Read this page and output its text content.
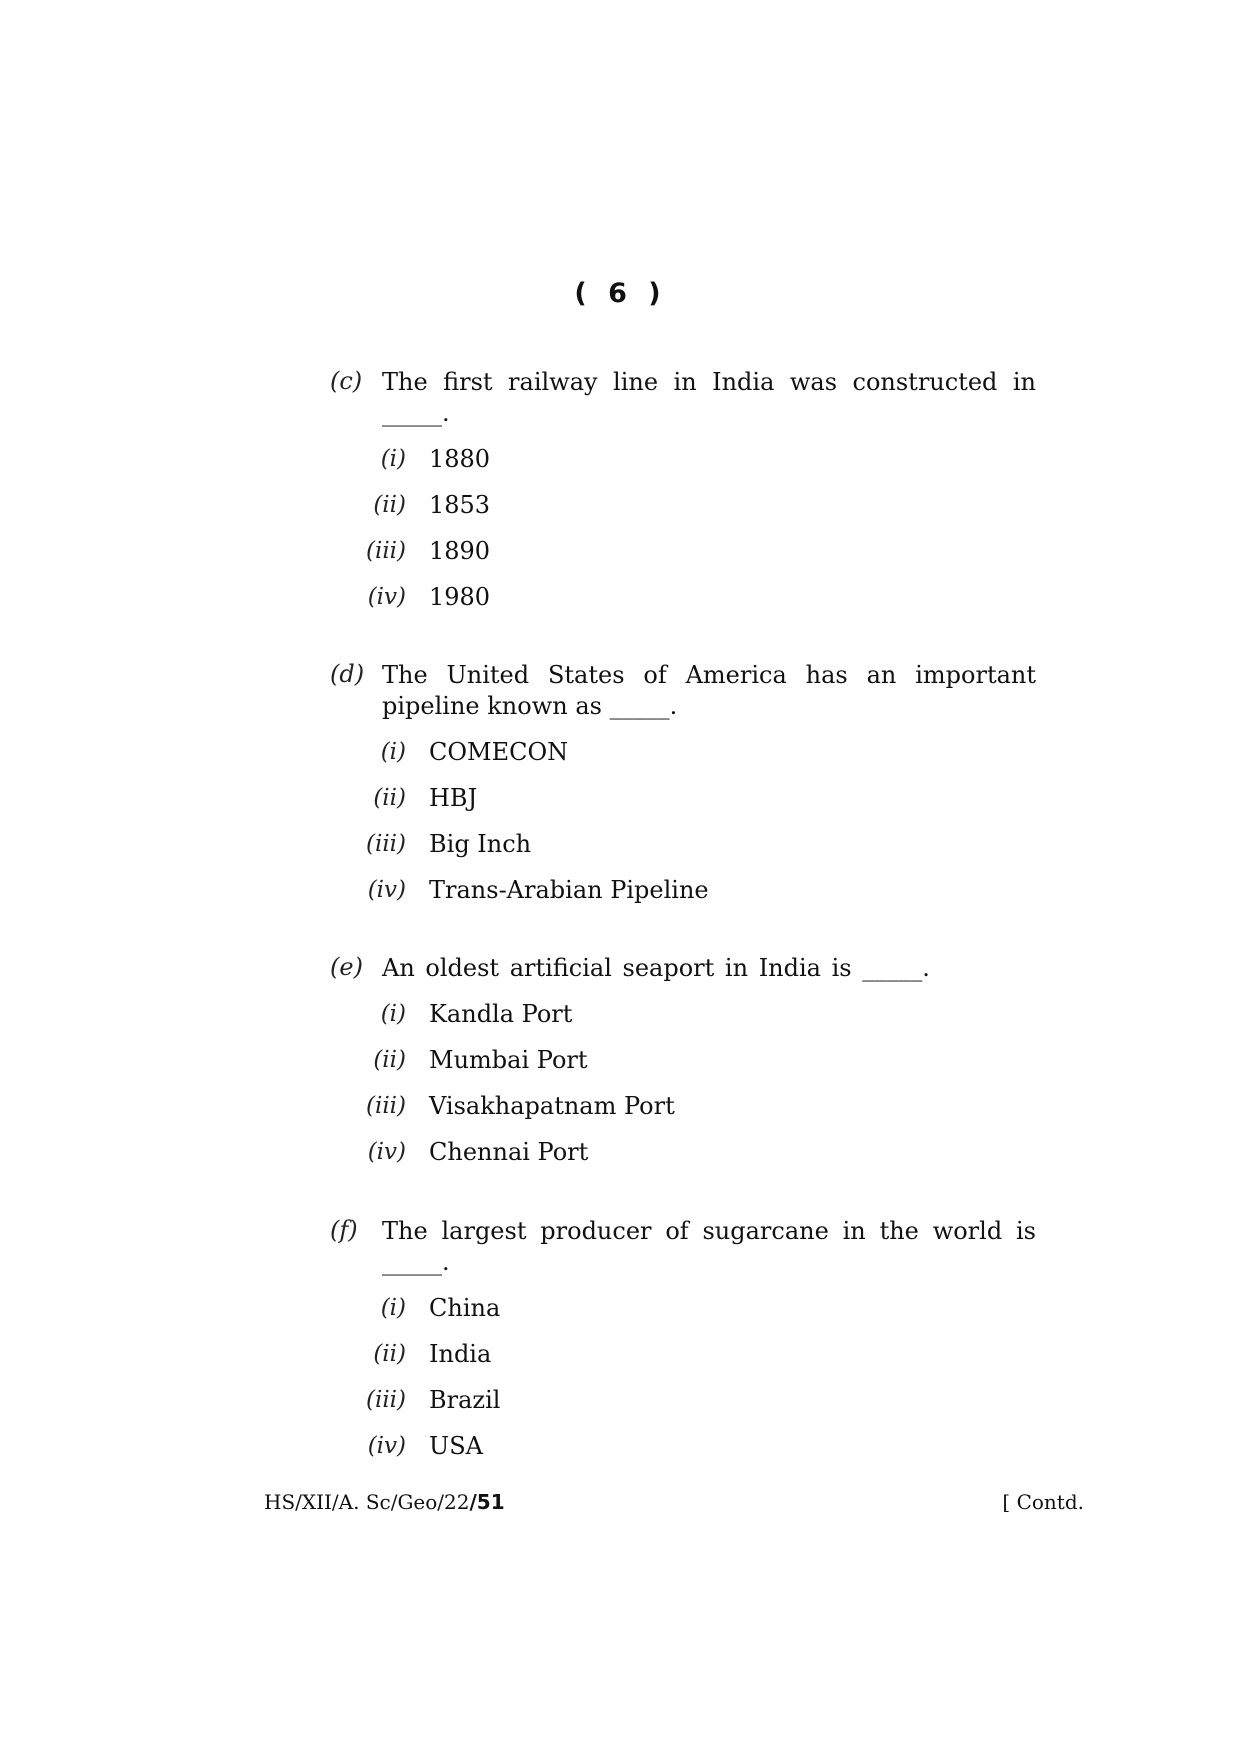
( 6 )
(c) The first railway line in India was constructed in _____.
(i) 1880
(ii) 1853
(iii) 1890
(iv) 1980
(d) The United States of America has an important pipeline known as _____.
(i) COMECON
(ii) HBJ
(iii) Big Inch
(iv) Trans-Arabian Pipeline
(e) An oldest artificial seaport in India is _____.
(i) Kandla Port
(ii) Mumbai Port
(iii) Visakhapatnam Port
(iv) Chennai Port
(f) The largest producer of sugarcane in the world is _____.
(i) China
(ii) India
(iii) Brazil
(iv) USA
HS/XII/A. Sc/Geo/22/51	[ Contd.
